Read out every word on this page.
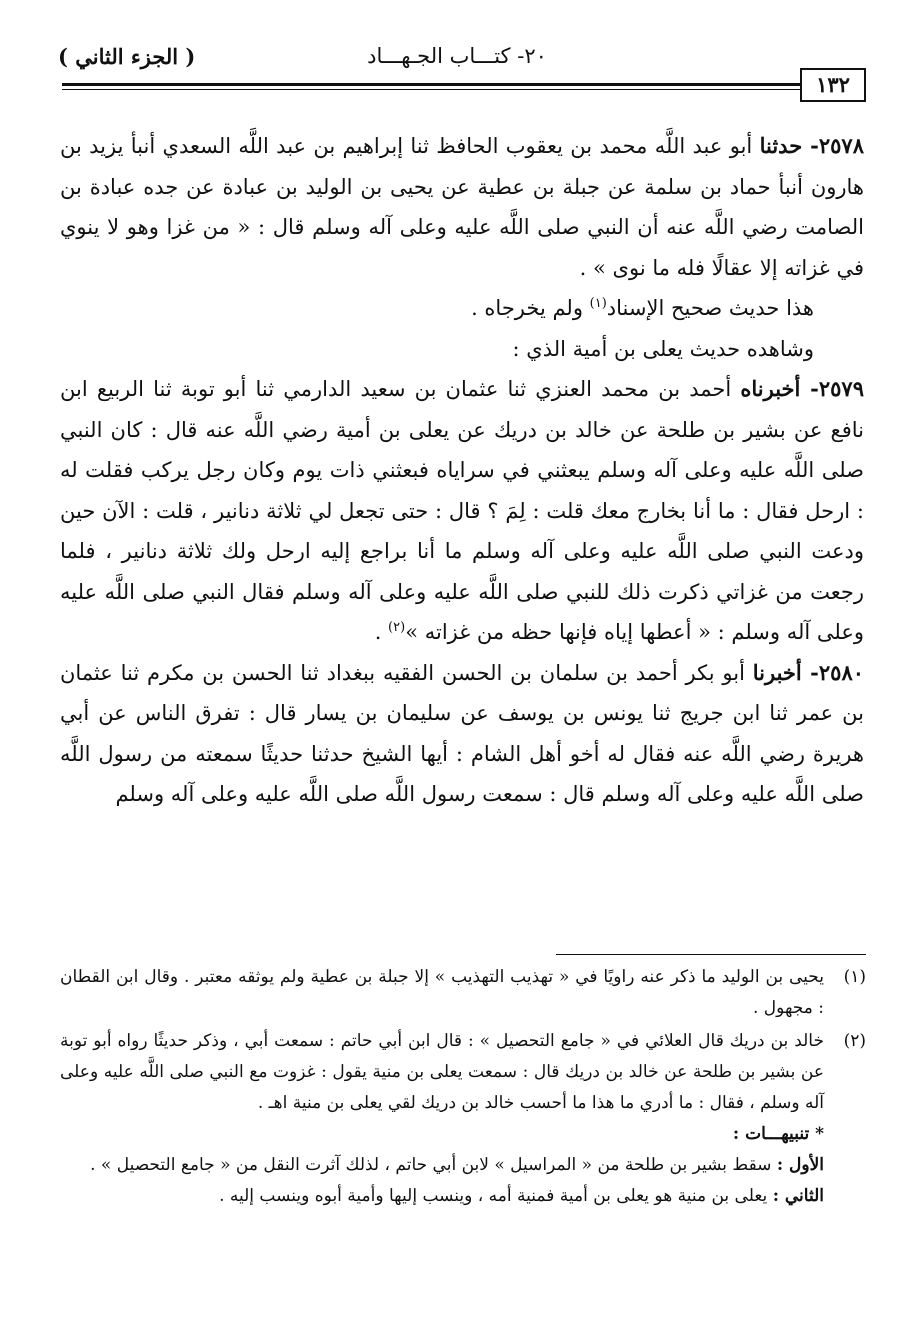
٢٠- كتـــاب الجـهـــاد
( الجزء الثاني )
١٣٢

٢٥٧٨- حدثنا أبو عبد اللَّه محمد بن يعقوب الحافظ ثنا إبراهيم بن عبد اللَّه السعدي أنبأ يزيد بن هارون أنبأ حماد بن سلمة عن جبلة بن عطية عن يحيى بن الوليد بن عبادة عن جده عبادة بن الصامت رضي اللَّه عنه أن النبي صلى اللَّه عليه وعلى آله وسلم قال : « من غزا وهو لا ينوي في غزاته إلا عقالًا فله ما نوى » .

هذا حديث صحيح الإسناد$^{(١)}$ ولم يخرجاه .

وشاهده حديث يعلى بن أمية الذي :

٢٥٧٩- أخبرناه أحمد بن محمد العنزي ثنا عثمان بن سعيد الدارمي ثنا أبو توبة ثنا الربيع ابن نافع عن بشير بن طلحة عن خالد بن دريك عن يعلى بن أمية رضي اللَّه عنه قال : كان النبي صلى اللَّه عليه وعلى آله وسلم يبعثني في سراياه فبعثني ذات يوم وكان رجل يركب فقلت له : ارحل فقال : ما أنا بخارج معك قلت : لِمَ ؟ قال : حتى تجعل لي ثلاثة دنانير ، قلت : الآن حين ودعت النبي صلى اللَّه عليه وعلى آله وسلم ما أنا براجع إليه ارحل ولك ثلاثة دنانير ، فلما رجعت من غزاتي ذكرت ذلك للنبي صلى اللَّه عليه وعلى آله وسلم فقال النبي صلى اللَّه عليه وعلى آله وسلم : « أعطها إياه فإنها حظه من غزاته »$^{(٢)}$ .

٢٥٨٠- أخبرنا أبو بكر أحمد بن سلمان بن الحسن الفقيه ببغداد ثنا الحسن بن مكرم ثنا عثمان بن عمر ثنا ابن جريج ثنا يونس بن يوسف عن سليمان بن يسار قال : تفرق الناس عن أبي هريرة رضي اللَّه عنه فقال له أخو أهل الشام : أيها الشيخ حدثنا حديثًا سمعته من رسول اللَّه صلى اللَّه عليه وعلى آله وسلم قال : سمعت رسول اللَّه صلى اللَّه عليه وعلى آله وسلم

(١)

يحيى بن الوليد ما ذكر عنه راويًا في « تهذيب التهذيب » إلا جبلة بن عطية ولم يوثقه معتبر . وقال ابن القطان : مجهول .

(٢)

خالد بن دريك قال العلائي في « جامع التحصيل » : قال ابن أبي حاتم : سمعت أبي ، وذكر حديثًا رواه أبو توبة عن بشير بن طلحة عن خالد بن دريك قال : سمعت يعلى بن منية يقول : غزوت مع النبي صلى اللَّه عليه وعلى آله وسلم ، فقال : ما أدري ما هذا ما أحسب خالد بن دريك لقي يعلى بن منية اهـ .

* تنبيهـــات :

الأول : سقط بشير بن طلحة من « المراسيل » لابن أبي حاتم ، لذلك آثرت النقل من « جامع التحصيل » .

الثاني : يعلى بن منية هو يعلى بن أمية فمنية أمه ، وينسب إليها وأمية أبوه وينسب إليه .
